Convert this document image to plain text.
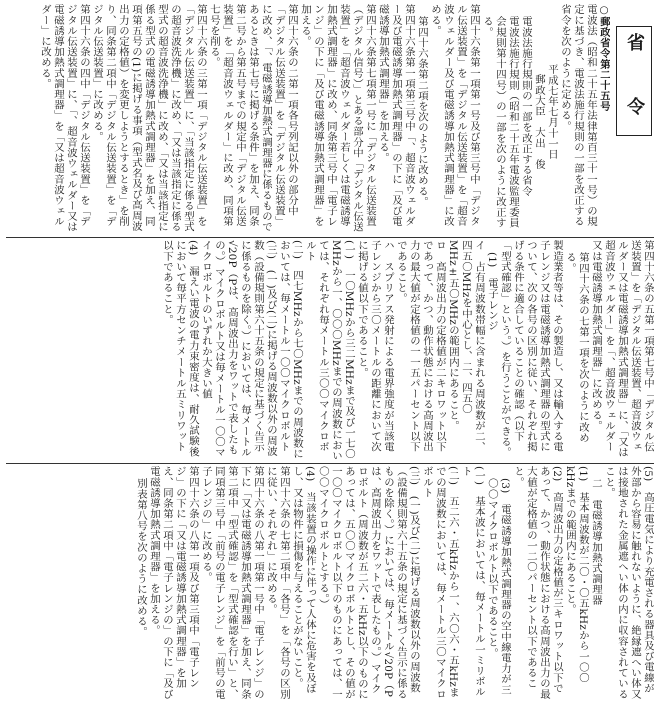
省　令
○郵政省令第二十五号
電波法（昭和二十五年法律第百三十一号）の規定に基づき、電波法施行規則の一部を改正する省令を次のように定める。
平成七年七月十一日
郵政大臣　大出　俊
電波法施行規則の一部を改正する省令
電波法施行規則（昭和二十五年電波監理委員会規則第十四号）の一部を次のように改正する。
第四十六条第一項第一号及び第三号中「デジタル伝送装置」を「デジタル伝送装置」を「超音波ウェルダー及び電磁誘導加熱式調理器」に改める。
第四十六条第二項を次のように改める。
第四十六条第一項第三号中「、超音波ウェルダー及び電磁誘導加熱式調理器」の下に「及び電磁誘導加熱式調理器」を加える。
第四十六条第七項第一号に「デジタル伝送装置（デジタル信号）」とある部分中「デジタル伝送装置」を「超音波ウェルダー若しくは電磁誘導加熱式調理器」に改め、同条第三号中「電子レンジ」の下に「及び電磁誘導加熱式調理器」を加える。
第四十六条の二第一項各号列記以外の部分中「デジタル伝送装置」を「デジタル伝送装置」に改め、「、電磁誘導加熱式調理器に係るものであるときは第七号に掲げる条件」を加え、同条第二号から第五号までの規定中「デジタル伝送装置」を「超音波ウェルダー」に改め、同項第七号を削る。
第四十六条の三第一項「デジタル伝送装置」を「デジタル伝送装置」に、「当該指定に係る型式の超音波洗浄機」に改め、「又は当該指定に係る型式の超音波洗浄機」に改め、「又は当該指定に係る型式の電磁誘導加熱式調理器」を加え、同項第五号の(1)に掲げる事項（型式名及び高周波出力の定格値）を変更しようとするとき」を削り、同条第二項中「デジタル伝送装置」を「デジタル伝送装置」に改める。
第四十六条の四中「デジタル伝送装置」を「デジタル伝送装置」に、「、超音波ウェルダー又は電磁誘導加熱式調理器」を「又は超音波ウェルダー」に改める。
第四十六条の五第一項第七号中「デジタル伝送装置」を「デジタル伝送装置、超音波ウェルダー又は電磁誘導加熱式調理器」に、「又は超音波ウェルダー」を「、超音波ウェルダー又は電磁誘導加熱式調理器」に改める。
第四十六条の七第一項を次のように改める。
製造業者等は、その製造し、又は輸入する電子レンジ又は電磁誘導加熱式調理器の型式について、次の各号の区別に従い、それぞれ掲げる条件に適合していることの確認（以下「型式確認」という。）を行うことができる。
(1)　電子レンジ
イ　占有周波数帯幅に含まれる周波数が二、四五〇MHzを中心とし、二、四五〇MHz±五〇MHzの範囲内にあること。
ロ　高周波出力の定格値が二キロワット以下であって、かつ、動作状態における高周波出力の最大値が定格値の一一五パーセント以下であること。
ハ　スプリアス発射による電界強度が当該電子レンジから三〇メートルの距離において次に掲げる値以下であること。
(一)　一〇MHzから三二MHzまで及び一七〇MHzから一、〇〇〇MHzまでの周波数においては、それぞれ毎メートル三〇〇マイクロボルト
(二)　四七MHzから七〇MHzまでの周波数においては、毎メートル一〇〇マイクロボルト
(三)　(一)及び(二)に掲げる周波数以外の周波数（設備規則第六十五条の規定に基づく告示に係るものを除く。）においては、毎メートル√20P（Pは、高周波出力をワットで表したもの。）マイクロボルト又は毎メートル一〇〇マイクロボルトのいずれか大きい値
(4)　漏えい電波の電力束密度は、耐久試験後において毎平方センチメートル五ミリワット以下であること。
(5)　高圧電気により充電される器具及び電線が外部から容易に触れないように、絶縁遮へい体又は接地された金属遮へい体の内に収容されていること。
二　電磁誘導加熱式調理器
(1)　基本周波数が二〇・〇五kHzから一〇〇kHzまでの範囲内にあること。
(2)　高周波出力の定格値が三キロワット以下であって、かつ、動作状態における高周波出力の最大値が定格値の一二〇パーセント以下であること。
(3)　電磁誘導加熱式調理器の空中線電力が三〇〇マイクロボルト以下であること。
(一)　基本波においては、毎メートル一ミリボルト
(二)　五二六・五kHzから一、六〇六・五kHzまでの周波数においては、毎メートル三〇マイクロボルト
(三)　(一)及び(二)に掲げる周波数以外の周波数（設備規則第六十五条の規定に基づく告示に係るものを除く。）においては、毎メートル√20P（Pは、高周波出力をワットで表したもの。）マイクロボルト（周波数が五二六・五kHz以下のものにあっては、五〇〇マイクロボルトとし、その値が一〇〇マイクロボルト以下のものにあっては、一〇〇マイクロボルトとする。）
(4)　当該装置の操作に伴って人体に危害を及ぼし、又は物件に損傷を与えることがないこと。
第四十六条の七第二項中「各号」を「各号の区別に従い、それぞれ」に改める。
第四十六条の八第一項第一号中「電子レンジ」の下に「又は電磁誘導加熱式調理器」を加え、同条第二項中「型式確認」を「型式確認を行い」と、同項第三号中「前号の電子レンジ」を「前号の電子レンジの」に改める。
第四十六条の八第一項及び第三項中「電子レンジ」の下に「又は電磁誘導加熱式調理器」を加え、同条第二項中「電子レンジの」の下に「及び電磁誘導加熱式調理器」を加える。
別表第八号を次のように改める。
